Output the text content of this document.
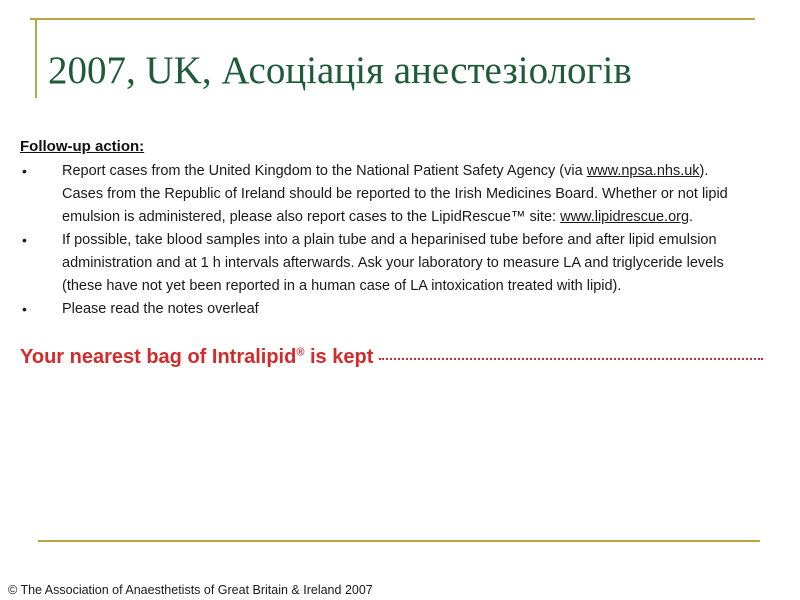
2007, UK, Асоціація анестезіологів
Follow-up action:
• Report cases from the United Kingdom to the National Patient Safety Agency (via www.npsa.nhs.uk). Cases from the Republic of Ireland should be reported to the Irish Medicines Board. Whether or not lipid emulsion is administered, please also report cases to the LipidRescue™ site: www.lipidrescue.org.
• If possible, take blood samples into a plain tube and a heparinised tube before and after lipid emulsion administration and at 1 h intervals afterwards. Ask your laboratory to measure LA and triglyceride levels (these have not yet been reported in a human case of LA intoxication treated with lipid).
• Please read the notes overleaf
Your nearest bag of Intralipid® is kept
© The Association of Anaesthetists of Great Britain & Ireland 2007
